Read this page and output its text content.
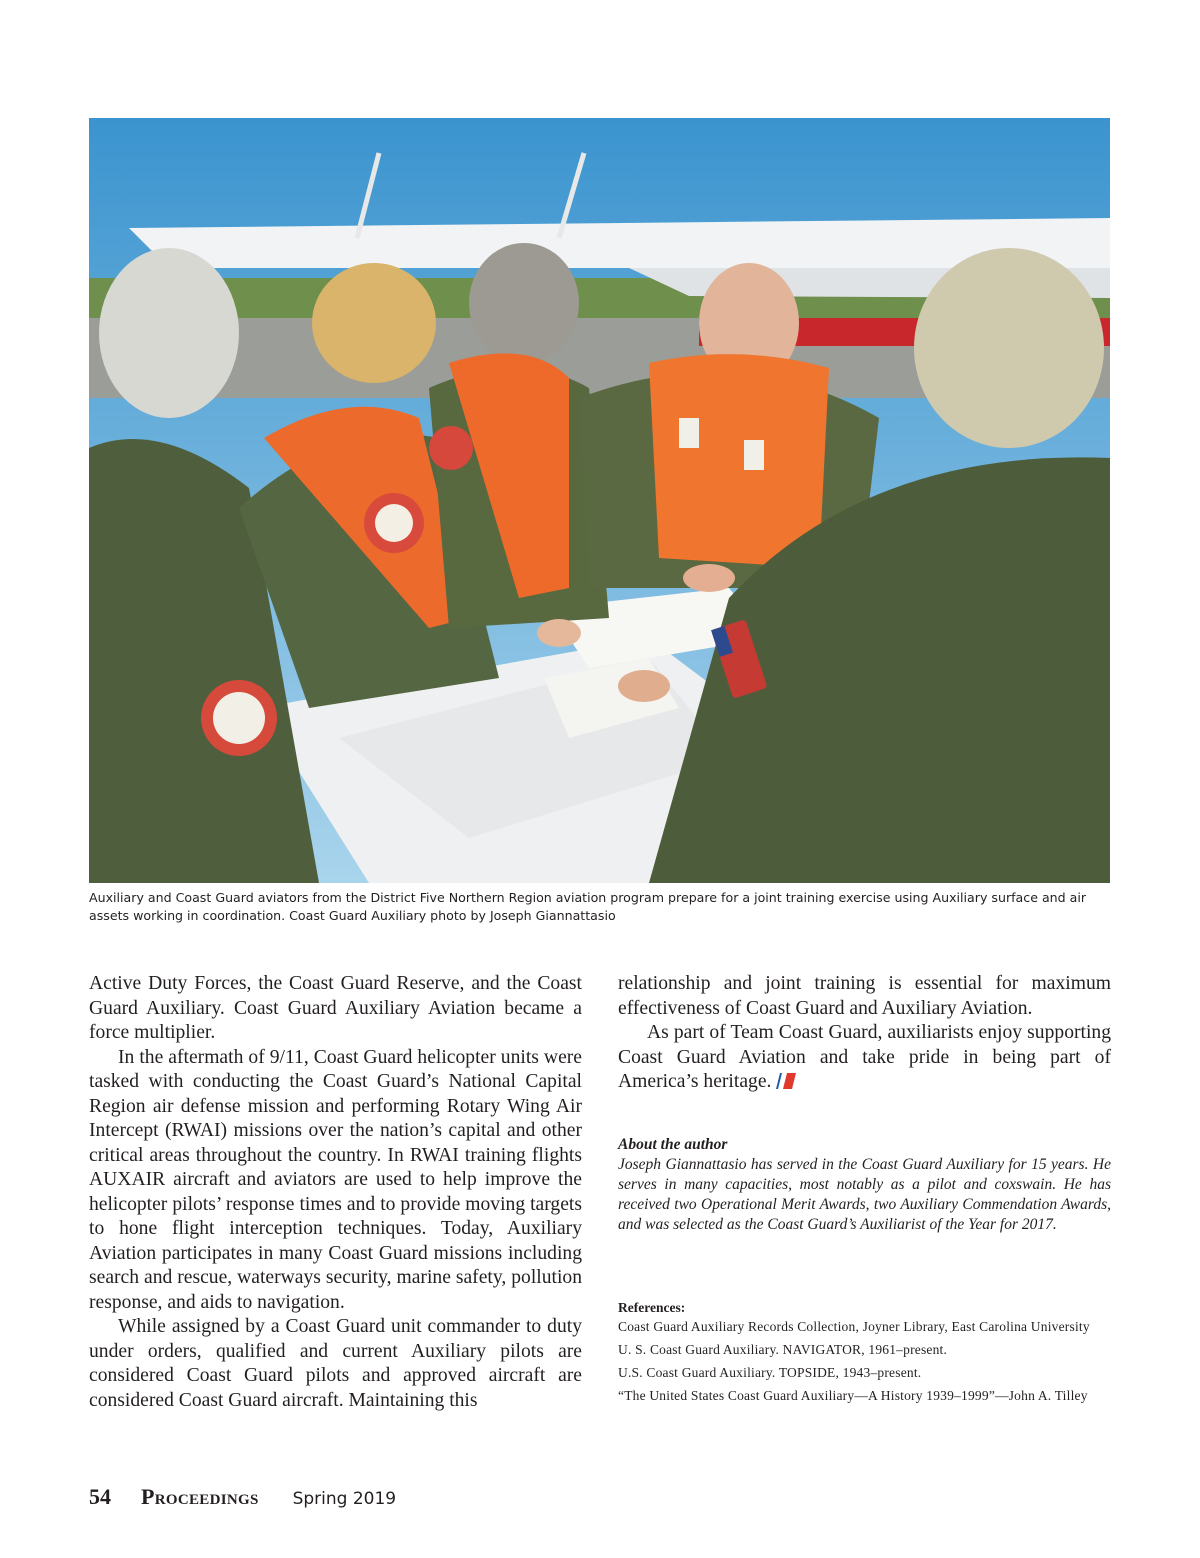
Auxiliary and Coast Guard aviators from the District Five Northern Region aviation program prepare for a joint training exercise using Auxiliary surface and air assets working in coordination. Coast Guard Auxiliary photo by Joseph Giannattasio

Active Duty Forces, the Coast Guard Reserve, and the Coast Guard Auxiliary. Coast Guard Auxiliary Aviation became a force multiplier.

In the aftermath of 9/11, Coast Guard helicopter units were tasked with conducting the Coast Guard’s National Capital Region air defense mission and performing Rotary Wing Air Intercept (RWAI) missions over the nation’s capital and other critical areas throughout the country. In RWAI training flights AUXAIR aircraft and aviators are used to help improve the helicopter pilots’ response times and to provide moving targets to hone flight interception techniques. Today, Auxiliary Aviation participates in many Coast Guard missions including search and rescue, waterways security, marine safety, pollution response, and aids to navigation.

While assigned by a Coast Guard unit commander to duty under orders, qualified and current Auxiliary pilots are considered Coast Guard pilots and approved aircraft are considered Coast Guard aircraft. Maintaining this

relationship and joint training is essential for maximum effectiveness of Coast Guard and Auxiliary Aviation.

As part of Team Coast Guard, auxiliarists enjoy supporting Coast Guard Aviation and take pride in being part of America’s heritage.

About the author

Joseph Giannattasio has served in the Coast Guard Auxiliary for 15 years. He serves in many capacities, most notably as a pilot and coxswain. He has received two Operational Merit Awards, two Auxiliary Commendation Awards, and was selected as the Coast Guard’s Auxiliarist of the Year for 2017.

References:

Coast Guard Auxiliary Records Collection, Joyner Library, East Carolina University

U. S. Coast Guard Auxiliary. NAVIGATOR, 1961–present.

U.S. Coast Guard Auxiliary. TOPSIDE, 1943–present.

“The United States Coast Guard Auxiliary—A History 1939–1999”—John A. Tilley

54 Proceedings Spring 2019
